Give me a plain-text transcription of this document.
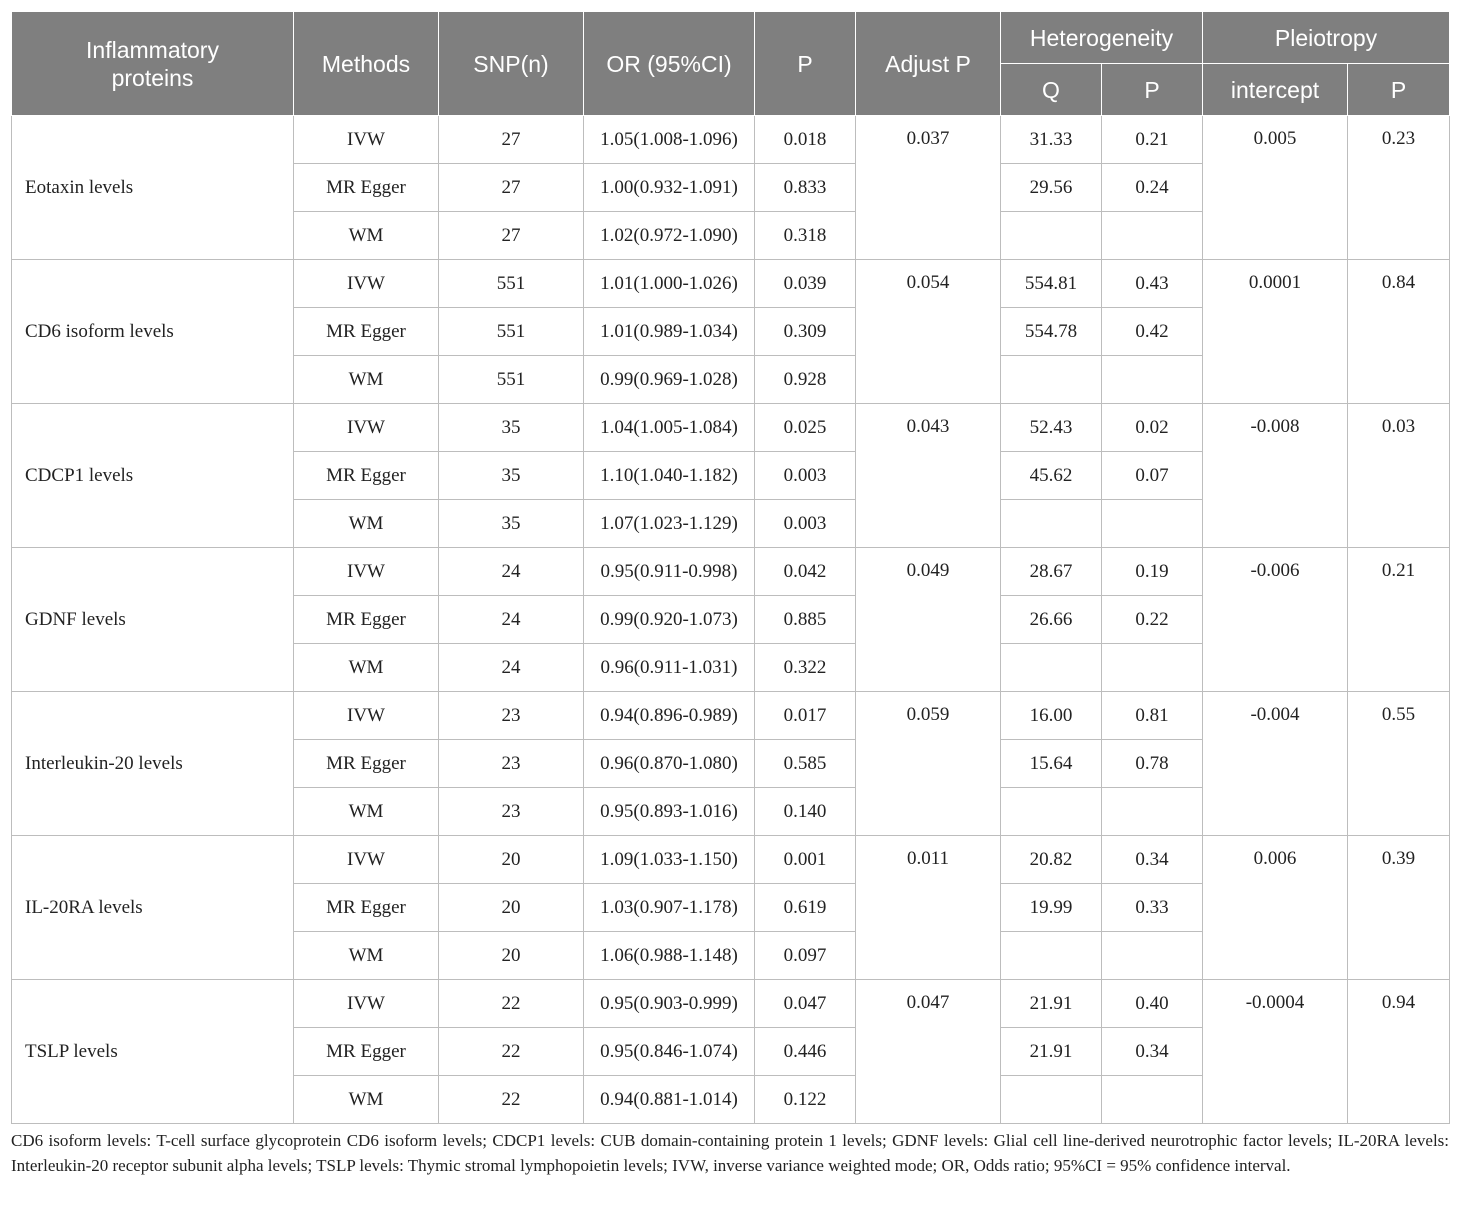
Inflammatory proteins	Methods	SNP(n)	OR (95%CI)	P	Adjust P	Heterogeneity		Pleiotropy	
						Q	P	intercept	P
Eotaxin levels	IVW	27	1.05(1.008-1.096)	0.018	0.037	31.33	0.21	0.005	0.23
	MR Egger	27	1.00(0.932-1.091)	0.833		29.56	0.24		
	WM	27	1.02(0.972-1.090)	0.318					
CD6 isoform levels	IVW	551	1.01(1.000-1.026)	0.039	0.054	554.81	0.43	0.0001	0.84
	MR Egger	551	1.01(0.989-1.034)	0.309		554.78	0.42		
	WM	551	0.99(0.969-1.028)	0.928					
CDCP1 levels	IVW	35	1.04(1.005-1.084)	0.025	0.043	52.43	0.02	-0.008	0.03
	MR Egger	35	1.10(1.040-1.182)	0.003		45.62	0.07		
	WM	35	1.07(1.023-1.129)	0.003					
GDNF levels	IVW	24	0.95(0.911-0.998)	0.042	0.049	28.67	0.19	-0.006	0.21
	MR Egger	24	0.99(0.920-1.073)	0.885		26.66	0.22		
	WM	24	0.96(0.911-1.031)	0.322					
Interleukin-20 levels	IVW	23	0.94(0.896-0.989)	0.017	0.059	16.00	0.81	-0.004	0.55
	MR Egger	23	0.96(0.870-1.080)	0.585		15.64	0.78		
	WM	23	0.95(0.893-1.016)	0.140					
IL-20RA levels	IVW	20	1.09(1.033-1.150)	0.001	0.011	20.82	0.34	0.006	0.39
	MR Egger	20	1.03(0.907-1.178)	0.619		19.99	0.33		
	WM	20	1.06(0.988-1.148)	0.097					
TSLP levels	IVW	22	0.95(0.903-0.999)	0.047	0.047	21.91	0.40	-0.0004	0.94
	MR Egger	22	0.95(0.846-1.074)	0.446		21.91	0.34		
	WM	22	0.94(0.881-1.014)	0.122					
CD6 isoform levels: T-cell surface glycoprotein CD6 isoform levels; CDCP1 levels: CUB domain-containing protein 1 levels; GDNF levels: Glial cell line-derived neurotrophic factor levels; IL-20RA levels: Interleukin-20 receptor subunit alpha levels; TSLP levels: Thymic stromal lymphopoietin levels; IVW, inverse variance weighted mode; OR, Odds ratio; 95%CI = 95% confidence interval.
